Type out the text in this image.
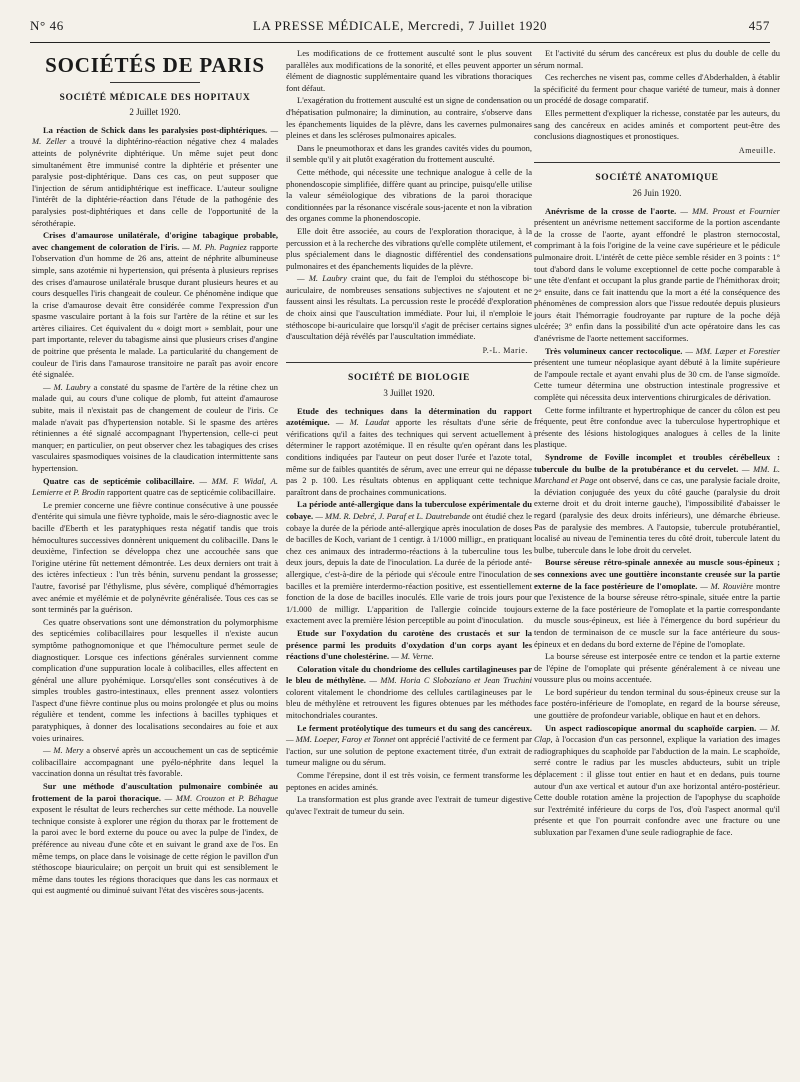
N° 46	LA PRESSE MÉDICALE, Mercredi, 7 Juillet 1920	457
SOCIÉTÉS DE PARIS
SOCIÉTÉ MÉDICALE DES HOPITAUX
2 Juillet 1920.

La réaction de Schick dans les paralysies post-diphtériques. — M. Zeller a trouvé la diphtérino-réaction négative chez 4 malades atteints de polynévrite diphtérique. Un même sujet peut donc simultanément être immunisé contre la diphtérie et présenter une paralysie post-diphtérique. Dans ces cas, on peut supposer que l'injection de sérum antidiphtérique est inefficace. L'auteur souligne l'intérêt de la diphtérie-réaction dans l'étude de la pathogénie des paralysies post-diphtériques et dans celle de l'opportunité de la sérothérapie.

Crises d'amaurose unilatérale, d'origine tabagique probable, avec changement de coloration de l'iris. — M. Ph. Pagniez rapporte l'observation d'un homme de 26 ans, atteint de néphrite albumineuse simple, sans azotémie ni hypertension, qui présenta à plusieurs reprises des crises d'amaurose unilatérale brusque durant plusieurs heures et au cours desquelles l'iris changeait de couleur. Ce phénomène indique que la crise d'amaurose devait être considérée comme l'expression d'un spasme vasculaire portant à la fois sur l'artère de la rétine et sur les artères ciliaires. Cet équivalent du « doigt mort » semblait, pour une part importante, relever du tabagisme ainsi que plusieurs crises d'angine de poitrine que présenta le malade. La particularité du changement de couleur de l'iris dans l'amaurose transitoire ne paraît pas avoir encore été signalée.

— M. Laubry a constaté du spasme de l'artère de la rétine chez un malade qui, au cours d'une colique de plomb, fut atteint d'amaurose subite, mais il n'existait pas de changement de couleur de l'iris. Ce malade n'avait pas d'hypertension notable. Si le spasme des artères rétiniennes a été signalé accompagnant l'hypertension, celle-ci peut manquer; en particulier, on peut observer chez les tabagiques des crises vasculaires spasmodiques voisines de la claudication intermittente sans hypertension.

Quatre cas de septicémie colibacillaire. — MM. F. Widal, A. Lemierre et P. Brodin rapportent quatre cas de septicémie colibacillaire.

Le premier concerne une fièvre continue consécutive à une poussée d'entérite qui simula une fièvre typhoïde, mais le séro-diagnostic avec le bacille d'Eberth et les paratyphiques resta négatif tandis que trois hémocultures successives donnèrent uniquement du colibacille. Dans le deuxième, l'infection se développa chez une accouchée sans que l'origine utérine fût nettement démontrée. Les deux derniers ont trait à des ictères infectieux : l'un très bénin, survenu pendant la grossesse; l'autre, favorisé par l'éthylisme, plus sévère, compliqué d'hémorragies avec anémie et myélémie et de polynévrite généralisée. Tous ces cas se sont terminés par la guérison.

Ces quatre observations sont une démonstration du polymorphisme des septicémies colibacillaires pour lesquelles il n'existe aucun symptôme pathognomonique et que l'hémoculture permet seule de diagnostiquer. Lorsque ces infections générales surviennent comme complication d'une suppuration locale à colibacilles, elles affectent en général une allure pyohémique. Lorsqu'elles sont consécutives à de simples troubles gastro-intestinaux, elles prennent assez volontiers l'aspect d'une fièvre continue plus ou moins prolongée et plus ou moins régulière et tendent, comme les infections à bacilles typhiques et paratyphiques, à donner des localisations secondaires au foie et aux voies urinaires.

— M. Mery a observé après un accouchement un cas de septicémie colibacillaire accompagnant une pyélo-néphrite dans lequel la vaccination donna un résultat très favorable.

Sur une méthode d'auscultation pulmonaire combinée au frottement de la paroi thoracique. — MM. Crouzon et P. Béhague exposent le résultat de leurs recherches sur cette méthode. La nouvelle technique consiste à explorer une région du thorax par le frottement de la paroi avec le bord externe du pouce ou avec la pulpe de l'index, de préférence au niveau d'une côte et en suivant le grand axe de l'os. En même temps, on place dans le voisinage de cette région le pavillon d'un stéthoscope biauriculaire; on perçoit un bruit qui est sensiblement le même dans toutes les régions thoraciques que dans les cas normaux et qui est augmenté ou diminué suivant l'état des viscères sous-jacents.

Les modifications de ce frottement ausculté sont le plus souvent parallèles aux modifications de la sonorité, et elles peuvent apporter un élément de diagnostic supplémentaire quand les vibrations thoraciques font défaut.

L'exagération du frottement ausculté est un signe de condensation ou d'hépatisation pulmonaire; la diminution, au contraire, s'observe dans les épanchements liquides de la plèvre, dans les cavernes pulmonaires pleines et dans les scléroses pulmonaires apicales.

Dans le pneumothorax et dans les grandes cavités vides du poumon, il semble qu'il y ait plutôt exagération du frottement ausculté.

Cette méthode, qui nécessite une technique analogue à celle de la phonendoscopie simplifiée, diffère quant au principe, puisqu'elle utilise la valeur séméiologique des vibrations de la paroi thoracique conditionnées par la résonance viscérale sous-jacente et non la vibration des organes comme la phonendoscopie.

Elle doit être associée, au cours de l'exploration thoracique, à la percussion et à la recherche des vibrations qu'elle complète utilement, et plus spécialement dans le diagnostic différentiel des condensations pulmonaires et des épanchements liquides de la plèvre.

— M. Laubry craint que, du fait de l'emploi du stéthoscope bi-auriculaire, de nombreuses sensations subjectives ne s'ajoutent et ne faussent ainsi les résultats. La percussion reste le procédé d'exploration de choix ainsi que l'auscultation immédiate. Pour lui, il n'emploie le stéthoscope bi-auriculaire que lorsqu'il s'agit de préciser certains signes d'auscultation déjà révélés par l'auscultation immédiate.

P.-L. Marie.
SOCIÉTÉ DE BIOLOGIE
3 Juillet 1920.

Etude des techniques dans la détermination du rapport azotémique. — M. Laudat apporte les résultats d'une série de vérifications qu'il a faites des techniques qui servent actuellement à déterminer le rapport azotémique. Il en résulte qu'en opérant dans les conditions indiquées par l'auteur on peut doser l'urée et l'azote total, même sur de faibles quantités de sérum, avec une erreur qui ne dépasse pas 2 p. 100. Les résultats obtenus en appliquant cette technique paraîtront dans de prochaines communications.

La période anté-allergique dans la tuberculose expérimentale du cobaye. — MM. R. Debré, J. Paraf et L. Dautrebande ont étudié chez le cobaye la durée de la période anté-allergique après inoculation de doses de bacilles de Koch, variant de 1 centigr. à 1/1000 milligr., en pratiquant chez ces animaux des intradermo-réactions à la tuberculine tous les deux jours, depuis la date de l'inoculation. La durée de la période anté-allergique, c'est-à-dire de la période qui s'écoule entre l'inoculation de bacilles et la première interdermo-réaction positive, est essentiellement fonction de la dose de bacilles inoculés. Elle varie de trois jours pour 1/1.000 de milligr. L'apparition de l'allergie coïncide toujours exactement avec la première lésion perceptible au point d'inoculation.

Etude sur l'oxydation du carotène des crustacés et sur la présence parmi les produits d'oxydation d'un corps ayant les réactions d'une cholestérine. — M. Verne.

Coloration vitale du chondriome des cellules cartilagineuses par le bleu de méthylène. — MM. Horia C Slobozíano et Jean Truchini colorent vitalement le chondriome des cellules cartilagineuses par le bleu de méthylène et retrouvent les figures obtenues par les méthodes mitochondriales courantes.

Le ferment protéolytique des tumeurs et du sang des cancéreux. — MM. Loeper, Faroy et Tonnet ont apprécié l'activité de ce ferment par l'action, sur une solution de peptone exactement titrée, d'un extrait de tumeur maligne ou du sérum.

Comme l'érepsine, dont il est très voisin, ce ferment transforme les peptones en acides aminés.

La transformation est plus grande avec l'extrait de tumeur digestive qu'avec l'extrait de tumeur du sein.

Et l'activité du sérum des cancéreux est plus du double de celle du sérum normal.

Ces recherches ne visent pas, comme celles d'Abderhalden, à établir la spécificité du ferment pour chaque variété de tumeur, mais à donner un procédé de dosage comparatif.

Elles permettent d'expliquer la richesse, constatée par les auteurs, du sang des cancéreux en acides aminés et comportent peut-être des conclusions diagnostiques et pronostiques.

Ameuille.
SOCIÉTÉ ANATOMIQUE
26 Juin 1920.

Anévrisme de la crosse de l'aorte. — MM. Proust et Fournier présentent un anévrisme nettement sacciforme de la portion ascendante de la crosse de l'aorte, ayant effondré le plastron sternocostal, comprimant à la fois l'origine de la veine cave supérieure et le pédicule pulmonaire droit. L'intérêt de cette pièce semble résider en 3 points : 1° tout d'abord dans le volume exceptionnel de cette poche comparable à une tête d'enfant et occupant la plus grande partie de l'hémithorax droit; 2° ensuite, dans ce fait inattendu que la mort a été la conséquence des phénomènes de compression alors que l'issue redoutée depuis plusieurs jours était l'hémorragie foudroyante par rupture de la poche déjà ulcérée; 3° enfin dans la possibilité d'un acte opératoire dans les cas d'anévrisme de l'aorte nettement sacciformes.

Très volumineux cancer rectocolique. — MM. Læper et Forestier présentent une tumeur néoplasique ayant débuté à la limite supérieure de l'ampoule rectale et ayant envahi plus de 30 cm. de l'anse sigmoïde. Cette tumeur détermina une obstruction intestinale progressive et complète qui nécessita deux interventions chirurgicales de dérivation.

Cette forme infiltrante et hypertrophique de cancer du côlon est peu fréquente, peut être confondue avec la tuberculose hypertrophique et présente des lésions histologiques analogues à celles de la linite plastique.

Syndrome de Foville incomplet et troubles cérébelleux : tubercule du bulbe de la protubérance et du cervelet. — MM. L. Marchand et Page ont observé, dans ce cas, une paralysie faciale droite, la déviation conjuguée des yeux du côté gauche (paralysie du droit externe droit et du droit interne gauche), l'impossibilité d'abaisser le regard (paralysie des deux droits inférieurs), une démarche ébrieuse. Pas de paralysie des membres. A l'autopsie, tubercule protubérantiel, localisé au niveau de l'eminentia teres du côté droit, tubercule latent du bulbe, tubercule dans le lobe droit du cervelet.

Bourse séreuse rétro-spinale annexée au muscle sous-épineux ; ses connexions avec une gouttière inconstante creusée sur la partie externe de la face postérieure de l'omoplate. — M. Rouvière montre que l'existence de la bourse séreuse rétro-spinale, située entre la partie externe de la face postérieure de l'omoplate et la partie correspondante du muscle sous-épineux, est liée à l'émergence du bord supérieur du tendon de terminaison de ce muscle sur la face antérieure du sous-épineux et en dedans du bord externe de l'épine de l'omoplate.

La bourse séreuse est interposée entre ce tendon et la partie externe de l'épine de l'omoplate qui présente généralement à ce niveau une voussure plus ou moins accentuée.

Le bord supérieur du tendon terminal du sous-épineux creuse sur la face postéro-inférieure de l'omoplate, en regard de la bourse séreuse, une gouttière de profondeur variable, oblique en haut et en dehors.

Un aspect radioscopique anormal du scaphoïde carpien. — M. Clap, à l'occasion d'un cas personnel, explique la variation des images radiographiques du scaphoïde par l'abduction de la main. Le scaphoïde, serré contre le radius par les muscles abducteurs, subit un triple déplacement : il glisse tout entier en haut et en dedans, puis tourne autour d'un axe vertical et autour d'un axe horizontal antéro-postérieur. Cette double rotation amène la projection de l'apophyse du scaphoïde sur l'extrémité inférieure du corps de l'os, d'où l'aspect anormal qu'il présente et que l'on pourrait confondre avec une fracture ou une subluxation par l'examen d'une seule radiographie de face.
